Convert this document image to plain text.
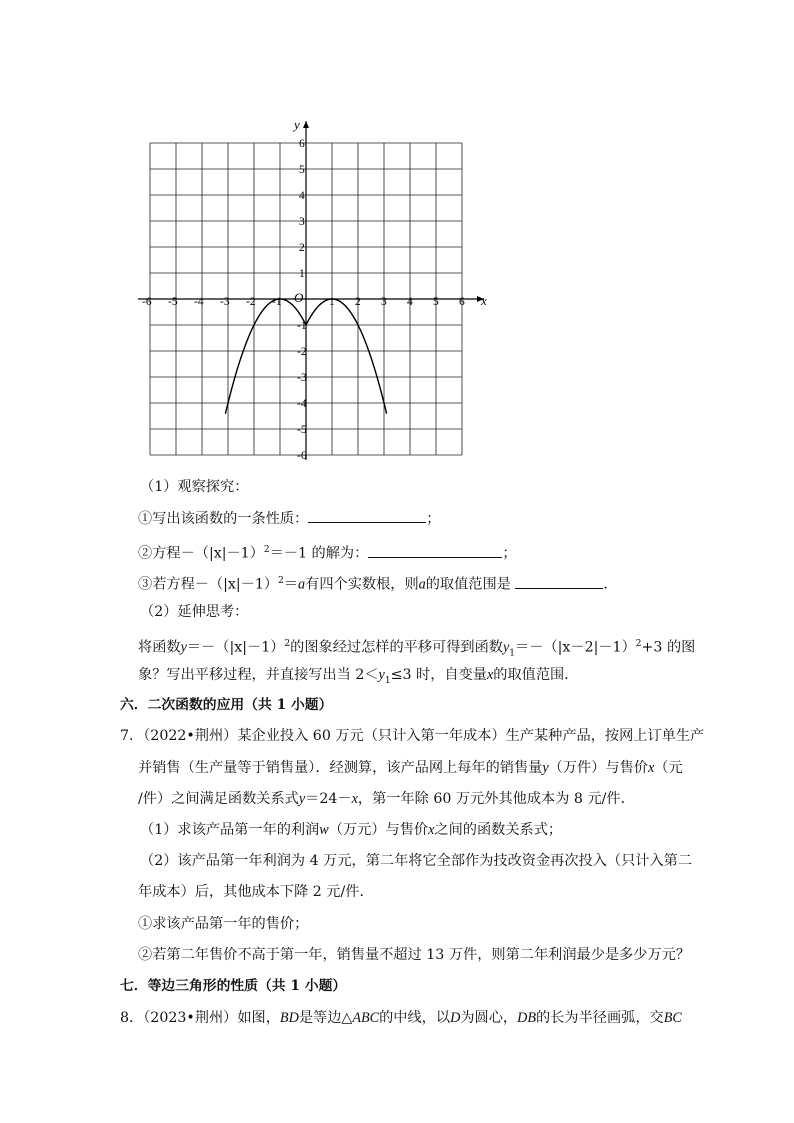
x
y
O
-6 -5 -4 -3 -2 -1	1 2 3 4 5 6
6
5
4
3
2
1
-1
-2
-3
-4
-5
-6
（1）观察探究：
①写出该函数的一条性质：	；
②方程$-(|x|-1)^2=-1$ 的解为：	；
③若方程$-(|x|-1)^2=a$有四个实数根，则a的取值范围是	．
（2）延伸思考：
将函数$y=-(|x|-1)^2$的图象经过怎样的平移可得到函数$y_1=-(|x-2|-1)^2+3$ 的图
象？写出平移过程，并直接写出当 $2<y_1\le 3$ 时，自变量x的取值范围．
六．二次函数的应用（共 1 小题）
7．（2022•荆州）某企业投入 60 万元（只计入第一年成本）生产某种产品，按网上订单生产
并销售（生产量等于销售量）．经测算，该产品网上每年的销售量y（万件）与售价x（元
/件）之间满足函数关系式y＝24－x，第一年除 60 万元外其他成本为 8 元/件．
（1）求该产品第一年的利润w（万元）与售价x之间的函数关系式；
（2）该产品第一年利润为 4 万元，第二年将它全部作为技改资金再次投入（只计入第二
年成本）后，其他成本下降 2 元/件．
①求该产品第一年的售价；
②若第二年售价不高于第一年，销售量不超过 13 万件，则第二年利润最少是多少万元？
七．等边三角形的性质（共 1 小题）
8．（2023•荆州）如图，BD是等边△ABC的中线，以D为圆心，DB的长为半径画弧，交BC
